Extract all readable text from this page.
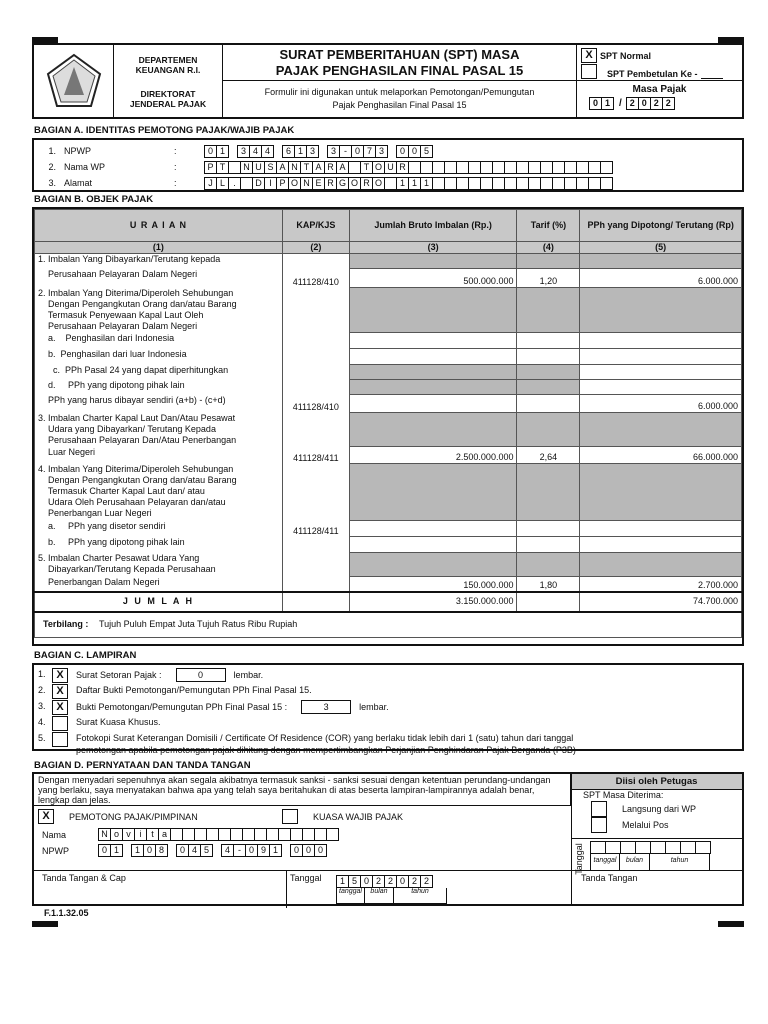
DEPARTEMEN
KEUANGAN R.I.
DIREKTORAT
JENDERAL PAJAK
SURAT PEMBERITAHUAN (SPT) MASA
PAJAK PENGHASILAN FINAL PASAL 15
Formulir ini digunakan untuk melaporkan Pemotongan/Pemungutan
Pajak Penghasilan Final Pasal 15
X SPT Normal
SPT Pembetulan Ke -
Masa Pajak
0 1 / 2 0 2 2
BAGIAN A. IDENTITAS PEMOTONG PAJAK/WAJIB PAJAK
1. NPWP	:	0 1	3 4 4	6 1 3	3 - 0 7 3	0 0 5
2. Nama WP	:	P T	N U S A N T A R A	T O U R
3. Alamat	:	J L .	D I P O N E R G O R O	1 1 1
BAGIAN B. OBJEK PAJAK
U R A I A N	KAP/KJS	Jumlah Bruto Imbalan (Rp.)	Tarif (%)	PPh yang Dipotong/ Terutang (Rp)
(1)	(2)	(3)	(4)	(5)
1. Imbalan Yang Dibayarkan/Terutang kepada				
Perusahaan Pelayaran Dalam Negeri	411128/410	500.000.000	1,20	6.000.000
2. Imbalan Yang Diterima/Diperoleh Sehubungan
Dengan Pengangkutan Orang dan/atau Barang
Termasuk Penyewaan Kapal Laut Oleh
Perusahaan Pelayaran Dalam Negeri				
a.    Penghasilan dari Indonesia				
b.  Penghasilan dari luar Indonesia				
c.  PPh Pasal 24 yang dapat diperhitungkan				
d.     PPh yang dipotong pihak lain				
PPh yang harus dibayar sendiri (a+b) - (c+d)	411128/410			6.000.000
3. Imbalan Charter Kapal Laut Dan/Atau Pesawat
Udara yang Dibayarkan/ Terutang Kepada
Perusahaan Pelayaran Dan/Atau Penerbangan				
Luar Negeri	411128/411	2.500.000.000	2,64	66.000.000
4. Imbalan Yang Diterima/Diperoleh Sehubungan
Dengan Pengangkutan Orang dan/atau Barang
Termasuk Charter Kapal Laut dan/ atau
Udara Oleh Perusahaan Pelayaran dan/atau
Penerbangan Luar Negeri				
a.     PPh yang disetor sendiri	411128/411			
b.     PPh yang dipotong pihak lain				
5. Imbalan Charter Pesawat Udara Yang
Dibayarkan/Terutang Kepada Perusahaan				
Penerbangan Dalam Negeri		150.000.000	1,80	2.700.000
J U M L A H		3.150.000.000		74.700.000
Terbilang : Tujuh Puluh Empat Juta Tujuh Ratus Ribu Rupiah				
BAGIAN C. LAMPIRAN
1. X	Surat Setoran Pajak :	0	lembar.
2. X	Daftar Bukti Pemotongan/Pemungutan PPh Final Pasal 15.
3. X	Bukti Pemotongan/Pemungutan PPh Final Pasal 15 :	3	lembar.
4.	Surat Kuasa Khusus.
5.	Fotokopi Surat Keterangan Domisili / Certificate Of Residence (COR) yang berlaku tidak lebih dari 1 (satu) tahun dari tanggal
pemotongan apabila pemotongan pajak dihitung dengan mempertimbangkan Perjanjian Penghindaran Pajak Berganda (P3B)
BAGIAN D. PERNYATAAN DAN TANDA TANGAN
Dengan menyadari sepenuhnya akan segala akibatnya termasuk sanksi - sanksi sesuai dengan ketentuan perundang-undangan yang berlaku, saya menyatakan bahwa apa yang telah saya beritahukan di atas beserta lampiran-lampirannya adalah benar, lengkap dan jelas.
X	PEMOTONG PAJAK/PIMPINAN	KUASA WAJIB PAJAK
Nama	N o v i	t a
NPWP	0 1	1 0 8	0 4 5	4 - 0 9 1	0 0 0
Tanda Tangan & Cap	Tanggal	1 5 0 2 2 0 2 2
tanggal	bulan	tahun
Diisi oleh Petugas
SPT Masa Diterima:
Langsung dari WP
Melalui Pos
Tanggal	tanggal	bulan	tahun
Tanda Tangan
F.1.1.32.05
